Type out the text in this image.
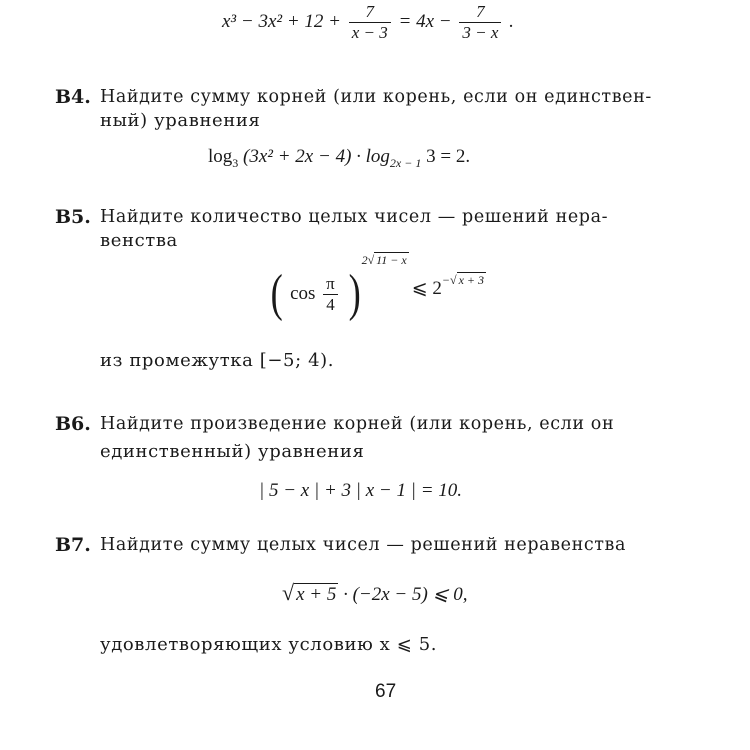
$x^3 - 3x^2 + 12 + \frac{7}{x - 3} = 4x - \frac{7}{3 - x}$ .
В4. Найдите сумму корней (или корень, если он единствен-
ный) уравнения
$\log_3 (3x^2 + 2x - 4) \cdot \log_{2x - 1} 3 = 2$.
В5. Найдите количество целых чисел — решений нера-
венства
( $\cos \frac{\pi}{4}$ ) $^{2√ 11 - x}$ ⩽ $2^{-√ x + 3}$
из промежутка [−5; 4).
В6. Найдите произведение корней (или корень, если он
единственный) уравнения
| 5 − x | + 3 | x − 1 | = 10.
В7. Найдите сумму целых чисел — решений неравенства
√ x + 5 · (−2x − 5) ⩽ 0,
удовлетворяющих условию x ⩽ 5.
67
